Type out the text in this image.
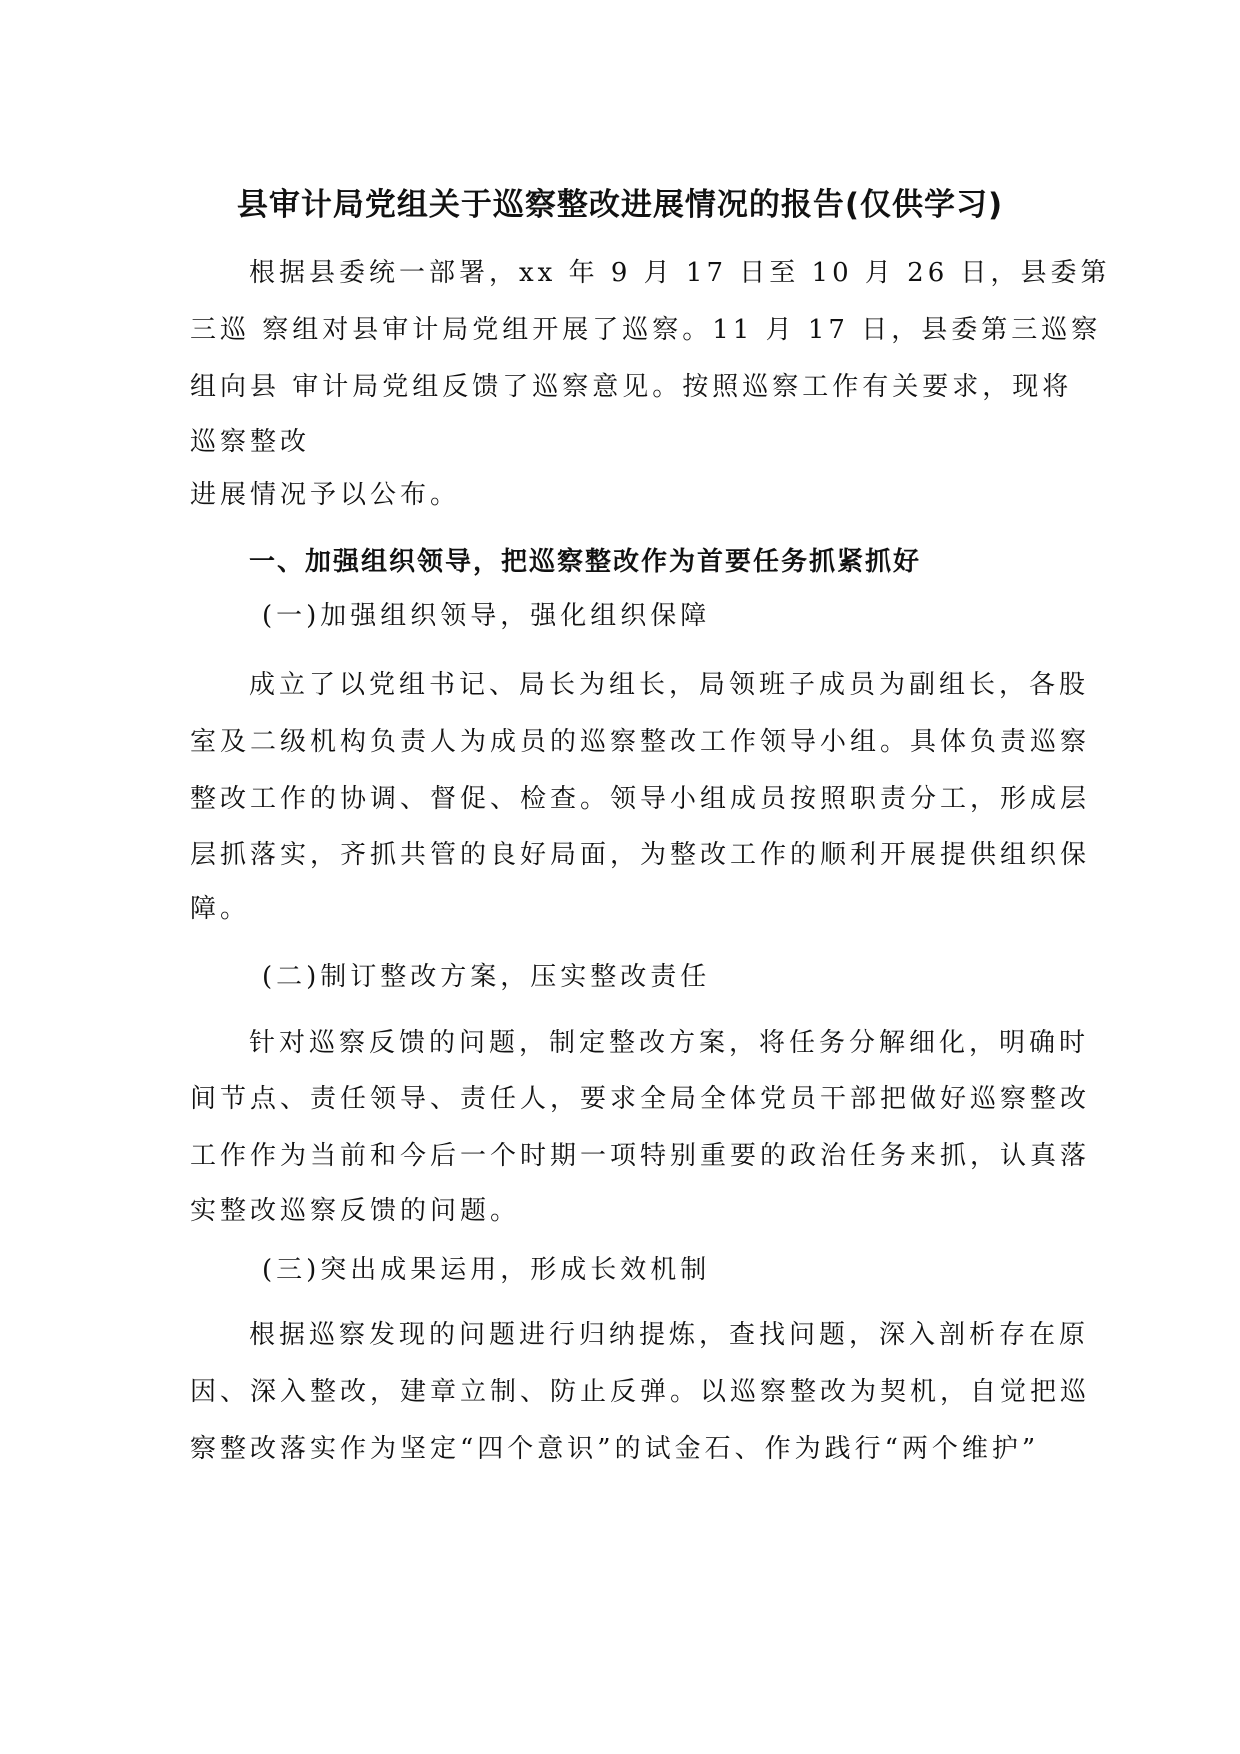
县审计局党组关于巡察整改进展情况的报告(仅供学习)
根据县委统一部署，xx 年 9 月 17 日至 10 月 26 日，县委第
三巡 察组对县审计局党组开展了巡察。11 月 17 日，县委第三巡察
组向县 审计局党组反馈了巡察意见。按照巡察工作有关要求，现将
巡察整改
进展情况予以公布。
一、加强组织领导，把巡察整改作为首要任务抓紧抓好
(一)加强组织领导，强化组织保障
成立了以党组书记、局长为组长，局领班子成员为副组长，各股
室及二级机构负责人为成员的巡察整改工作领导小组。具体负责巡察
整改工作的协调、督促、检查。领导小组成员按照职责分工，形成层
层抓落实，齐抓共管的良好局面，为整改工作的顺利开展提供组织保
障。
(二)制订整改方案，压实整改责任
针对巡察反馈的问题，制定整改方案，将任务分解细化，明确时
间节点、责任领导、责任人，要求全局全体党员干部把做好巡察整改
工作作为当前和今后一个时期一项特别重要的政治任务来抓，认真落
实整改巡察反馈的问题。
(三)突出成果运用，形成长效机制
根据巡察发现的问题进行归纳提炼，查找问题，深入剖析存在原
因、深入整改，建章立制、防止反弹。以巡察整改为契机，自觉把巡
察整改落实作为坚定“四个意识”的试金石、作为践行“两个维护”
